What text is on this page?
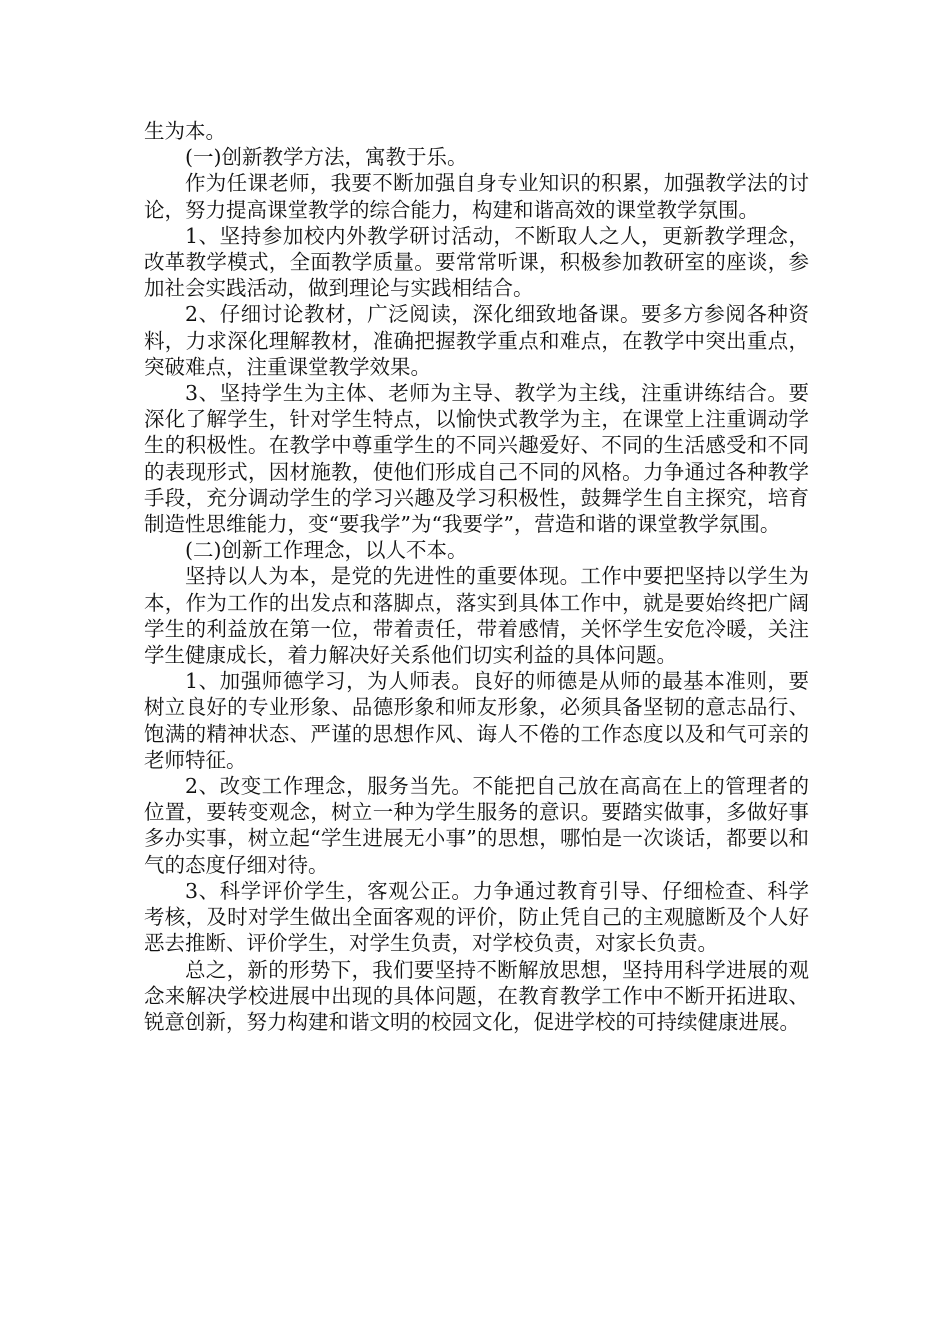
生为本。

(一)创新教学方法，寓教于乐。

作为任课老师，我要不断加强自身专业知识的积累，加强教学法的讨论，努力提高课堂教学的综合能力，构建和谐高效的课堂教学氛围。

1、坚持参加校内外教学研讨活动，不断取人之人，更新教学理念，改革教学模式，全面教学质量。要常常听课，积极参加教研室的座谈，参加社会实践活动，做到理论与实践相结合。

2、仔细讨论教材，广泛阅读，深化细致地备课。要多方参阅各种资料，力求深化理解教材，准确把握教学重点和难点，在教学中突出重点，突破难点，注重课堂教学效果。

3、坚持学生为主体、老师为主导、教学为主线，注重讲练结合。要深化了解学生，针对学生特点，以愉快式教学为主，在课堂上注重调动学生的积极性。在教学中尊重学生的不同兴趣爱好、不同的生活感受和不同的表现形式，因材施教，使他们形成自己不同的风格。力争通过各种教学手段，充分调动学生的学习兴趣及学习积极性，鼓舞学生自主探究，培育制造性思维能力，变“要我学”为“我要学”，营造和谐的课堂教学氛围。

(二)创新工作理念，以人不本。

坚持以人为本，是党的先进性的重要体现。工作中要把坚持以学生为本，作为工作的出发点和落脚点，落实到具体工作中，就是要始终把广阔学生的利益放在第一位，带着责任，带着感情，关怀学生安危冷暖，关注学生健康成长，着力解决好关系他们切实利益的具体问题。

1、加强师德学习，为人师表。良好的师德是从师的最基本准则，要树立良好的专业形象、品德形象和师友形象，必须具备坚韧的意志品行、饱满的精神状态、严谨的思想作风、诲人不倦的工作态度以及和气可亲的老师特征。

2、改变工作理念，服务当先。不能把自己放在高高在上的管理者的位置，要转变观念，树立一种为学生服务的意识。要踏实做事，多做好事多办实事，树立起“学生进展无小事”的思想，哪怕是一次谈话，都要以和气的态度仔细对待。

3、科学评价学生，客观公正。力争通过教育引导、仔细检查、科学考核，及时对学生做出全面客观的评价，防止凭自己的主观臆断及个人好恶去推断、评价学生，对学生负责，对学校负责，对家长负责。

总之，新的形势下，我们要坚持不断解放思想，坚持用科学进展的观念来解决学校进展中出现的具体问题，在教育教学工作中不断开拓进取、锐意创新，努力构建和谐文明的校园文化，促进学校的可持续健康进展。
